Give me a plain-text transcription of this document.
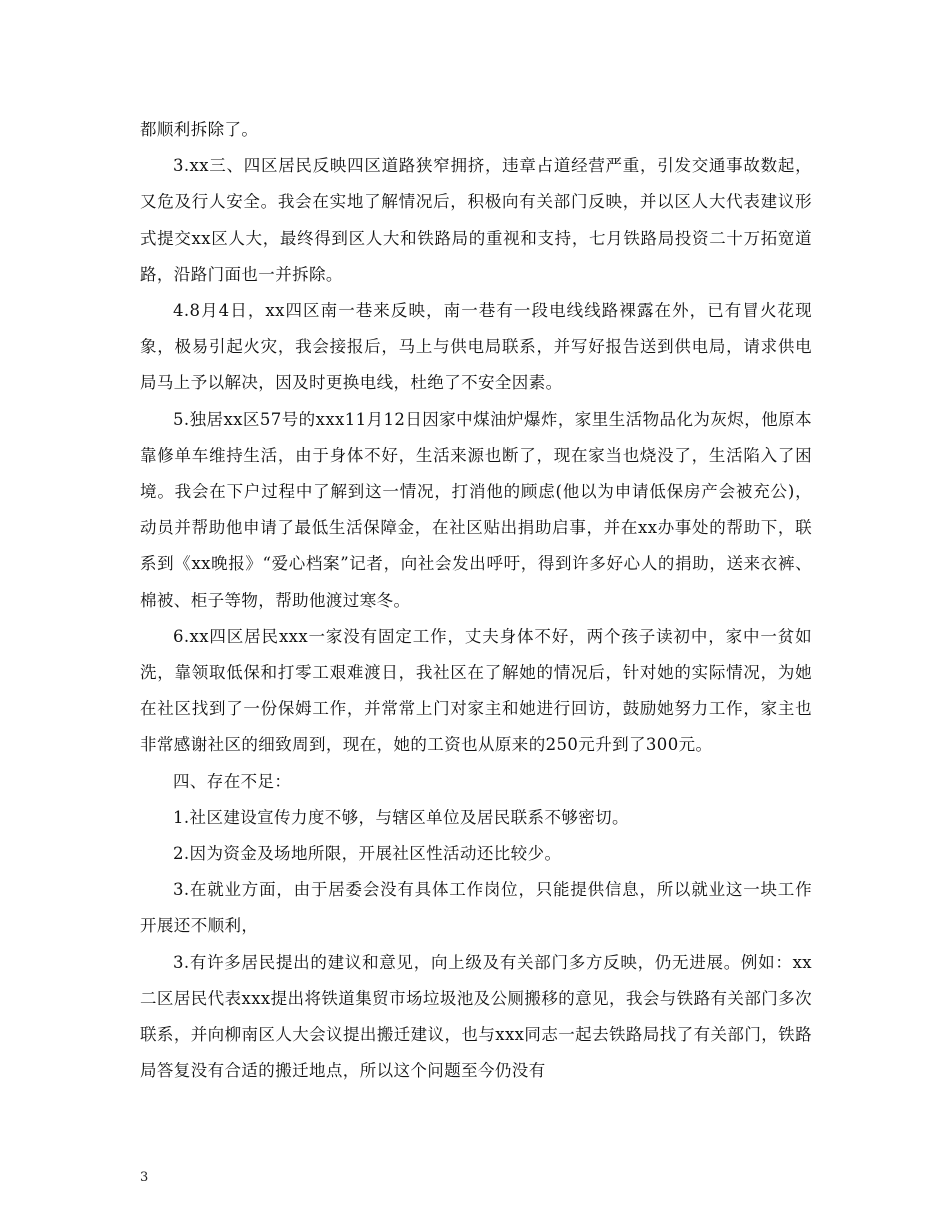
都顺利拆除了。

3.xx三、四区居民反映四区道路狭窄拥挤，违章占道经营严重，引发交通事故数起，又危及行人安全。我会在实地了解情况后，积极向有关部门反映，并以区人大代表建议形式提交xx区人大，最终得到区人大和铁路局的重视和支持，七月铁路局投资二十万拓宽道路，沿路门面也一并拆除。

4.8月4日，xx四区南一巷来反映，南一巷有一段电线线路裸露在外，已有冒火花现象，极易引起火灾，我会接报后，马上与供电局联系，并写好报告送到供电局，请求供电局马上予以解决，因及时更换电线，杜绝了不安全因素。

5.独居xx区57号的xxx11月12日因家中煤油炉爆炸，家里生活物品化为灰烬，他原本靠修单车维持生活，由于身体不好，生活来源也断了，现在家当也烧没了，生活陷入了困境。我会在下户过程中了解到这一情况，打消他的顾虑(他以为申请低保房产会被充公)，动员并帮助他申请了最低生活保障金，在社区贴出捐助启事，并在xx办事处的帮助下，联系到《xx晚报》“爱心档案”记者，向社会发出呼吁，得到许多好心人的捐助，送来衣裤、棉被、柜子等物，帮助他渡过寒冬。

6.xx四区居民xxx一家没有固定工作，丈夫身体不好，两个孩子读初中，家中一贫如洗，靠领取低保和打零工艰难渡日，我社区在了解她的情况后，针对她的实际情况，为她在社区找到了一份保姆工作，并常常上门对家主和她进行回访，鼓励她努力工作，家主也非常感谢社区的细致周到，现在，她的工资也从原来的250元升到了300元。

四、存在不足：

1.社区建设宣传力度不够，与辖区单位及居民联系不够密切。

2.因为资金及场地所限，开展社区性活动还比较少。

3.在就业方面，由于居委会没有具体工作岗位，只能提供信息，所以就业这一块工作开展还不顺利，

3.有许多居民提出的建议和意见，向上级及有关部门多方反映，仍无进展。例如：xx二区居民代表xxx提出将铁道集贸市场垃圾池及公厕搬移的意见，我会与铁路有关部门多次联系，并向柳南区人大会议提出搬迁建议，也与xxx同志一起去铁路局找了有关部门，铁路局答复没有合适的搬迁地点，所以这个问题至今仍没有

3
